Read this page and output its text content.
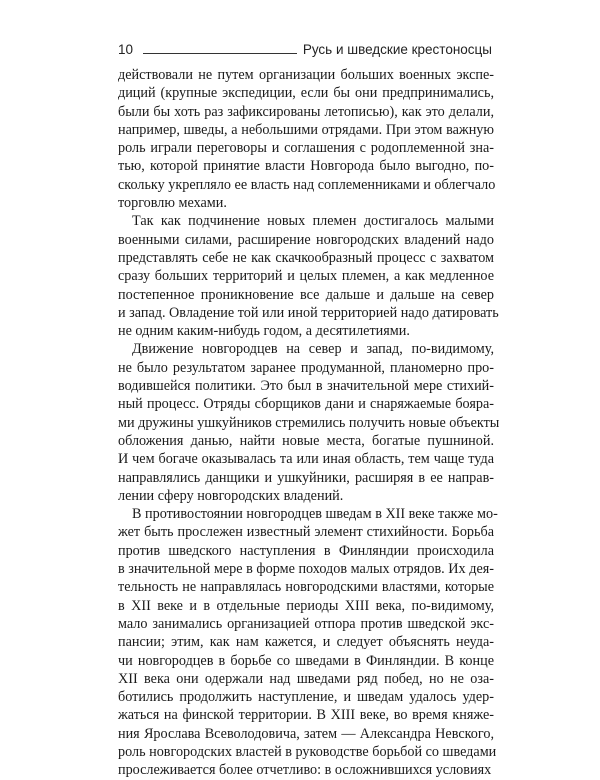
10	Русь и шведские крестоносцы
действовали не путем организации больших военных экспе-
диций (крупные экспедиции, если бы они предпринимались,
были бы хоть раз зафиксированы летописью), как это делали,
например, шведы, а небольшими отрядами. При этом важную
роль играли переговоры и соглашения с родоплеменной зна-
тью, которой принятие власти Новгорода было выгодно, по-
скольку укрепляло ее власть над соплеменниками и облегчало
торговлю мехами.
Так как подчинение новых племен достигалось малыми
военными силами, расширение новгородских владений надо
представлять себе не как скачкообразный процесс с захватом
сразу больших территорий и целых племен, а как медленное
постепенное проникновение все дальше и дальше на север
и запад. Овладение той или иной территорией надо датировать
не одним каким-нибудь годом, а десятилетиями.
Движение новгородцев на север и запад, по-видимому,
не было результатом заранее продуманной, планомерно про-
водившейся политики. Это был в значительной мере стихий-
ный процесс. Отряды сборщиков дани и снаряжаемые бояра-
ми дружины ушкуйников стремились получить новые объекты
обложения данью, найти новые места, богатые пушниной.
И чем богаче оказывалась та или иная область, тем чаще туда
направлялись данщики и ушкуйники, расширяя в ее направ-
лении сферу новгородских владений.
В противостоянии новгородцев шведам в XII веке также мо-
жет быть прослежен известный элемент стихийности. Борьба
против шведского наступления в Финляндии происходила
в значительной мере в форме походов малых отрядов. Их дея-
тельность не направлялась новгородскими властями, которые
в XII веке и в отдельные периоды XIII века, по-видимому,
мало занимались организацией отпора против шведской экс-
пансии; этим, как нам кажется, и следует объяснять неуда-
чи новгородцев в борьбе со шведами в Финляндии. В конце
XII века они одержали над шведами ряд побед, но не оза-
ботились продолжить наступление, и шведам удалось удер-
жаться на финской территории. В XIII веке, во время княже-
ния Ярослава Всеволодовича, затем — Александра Невского,
роль новгородских властей в руководстве борьбой со шведами
прослеживается более отчетливо: в осложнившихся условиях
